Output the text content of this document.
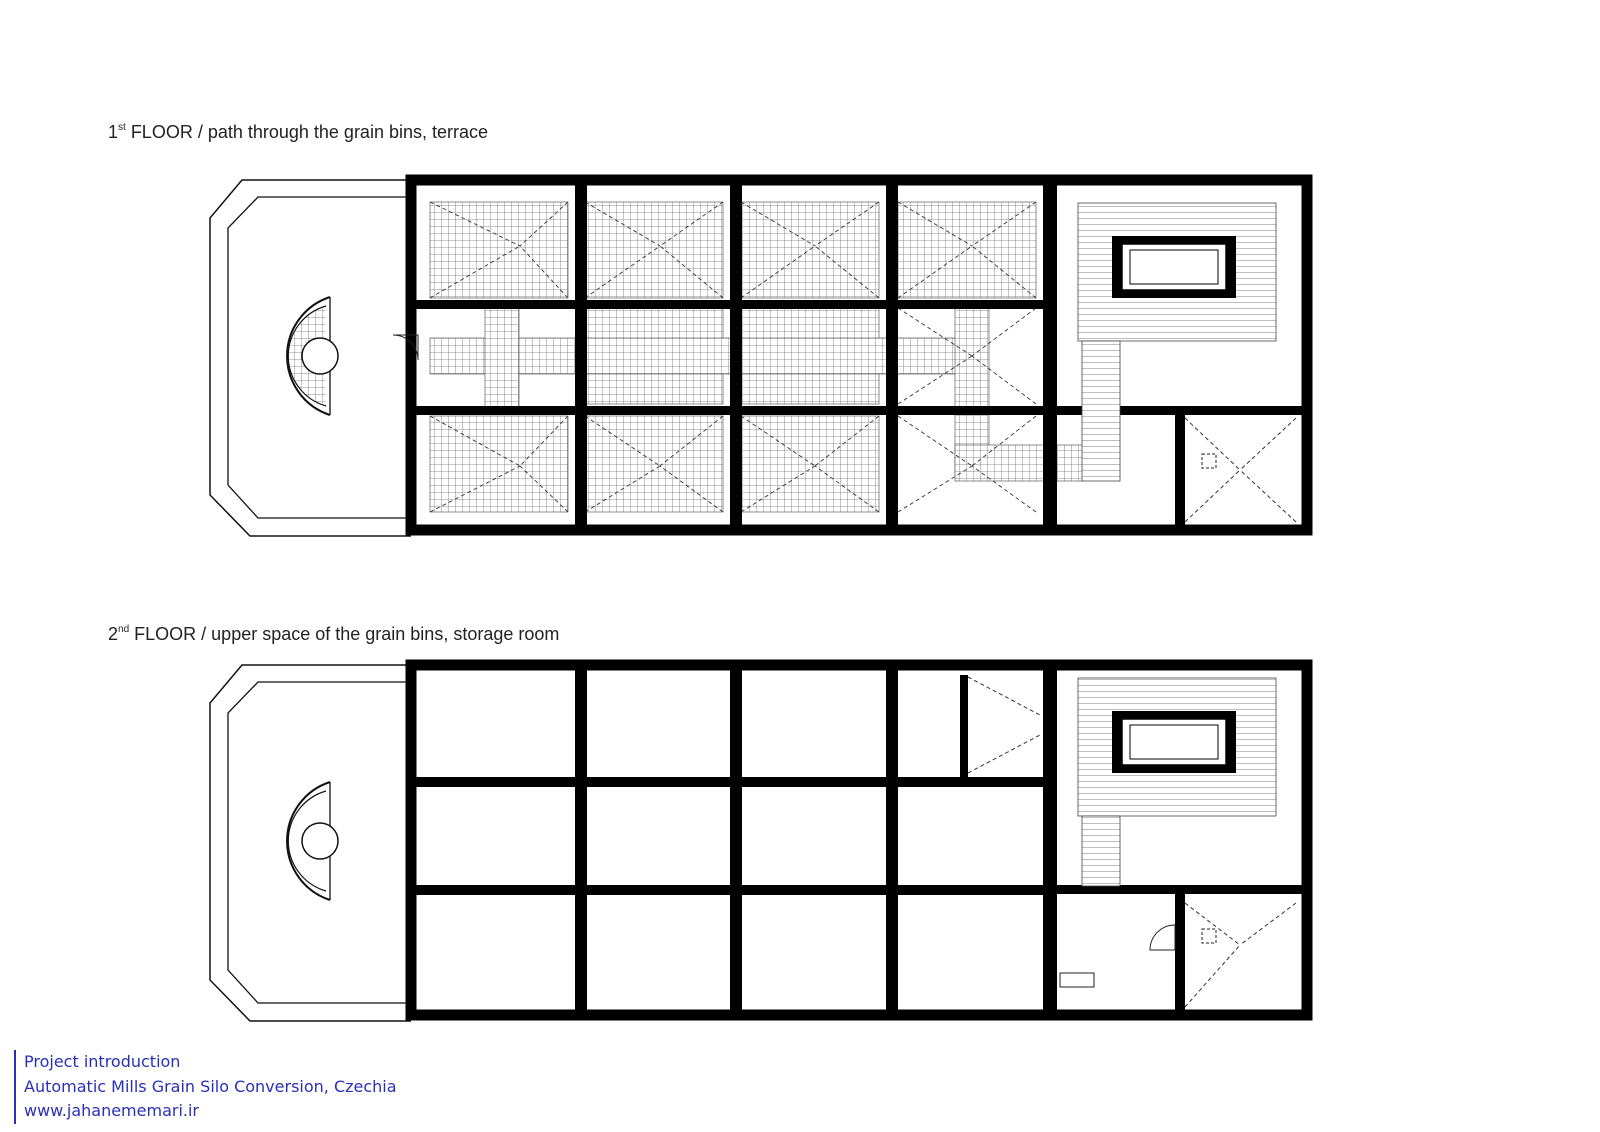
1st FLOOR / path through the grain bins, terrace
2nd FLOOR / upper space of the grain bins, storage room
Project introduction
Automatic Mills Grain Silo Conversion, Czechia
www.jahanememari.ir
